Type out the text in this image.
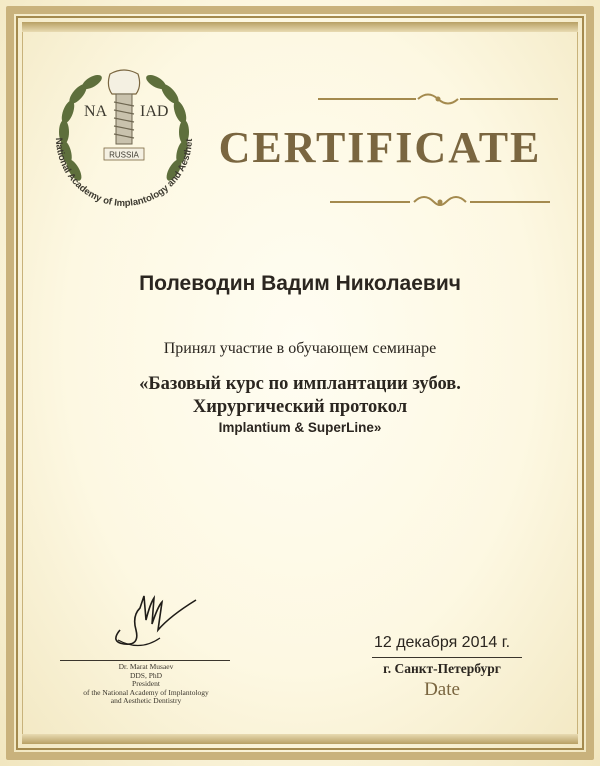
NA IAD
RUSSIA
National Academy of Implantology and Aesthet CERTIFICATE
Полеводин Вадим Николаевич
Принял участие в обучающем семинаре
«Базовый курс по имплантации зубов.
Хирургический протокол
Implantium & SuperLine»
Dr. Marat Musaev
DDS, PhD
President
of the National Academy of Implantology
and Aesthetic Dentistry
12 декабря 2014 г.
г. Санкт-Петербург
Date
